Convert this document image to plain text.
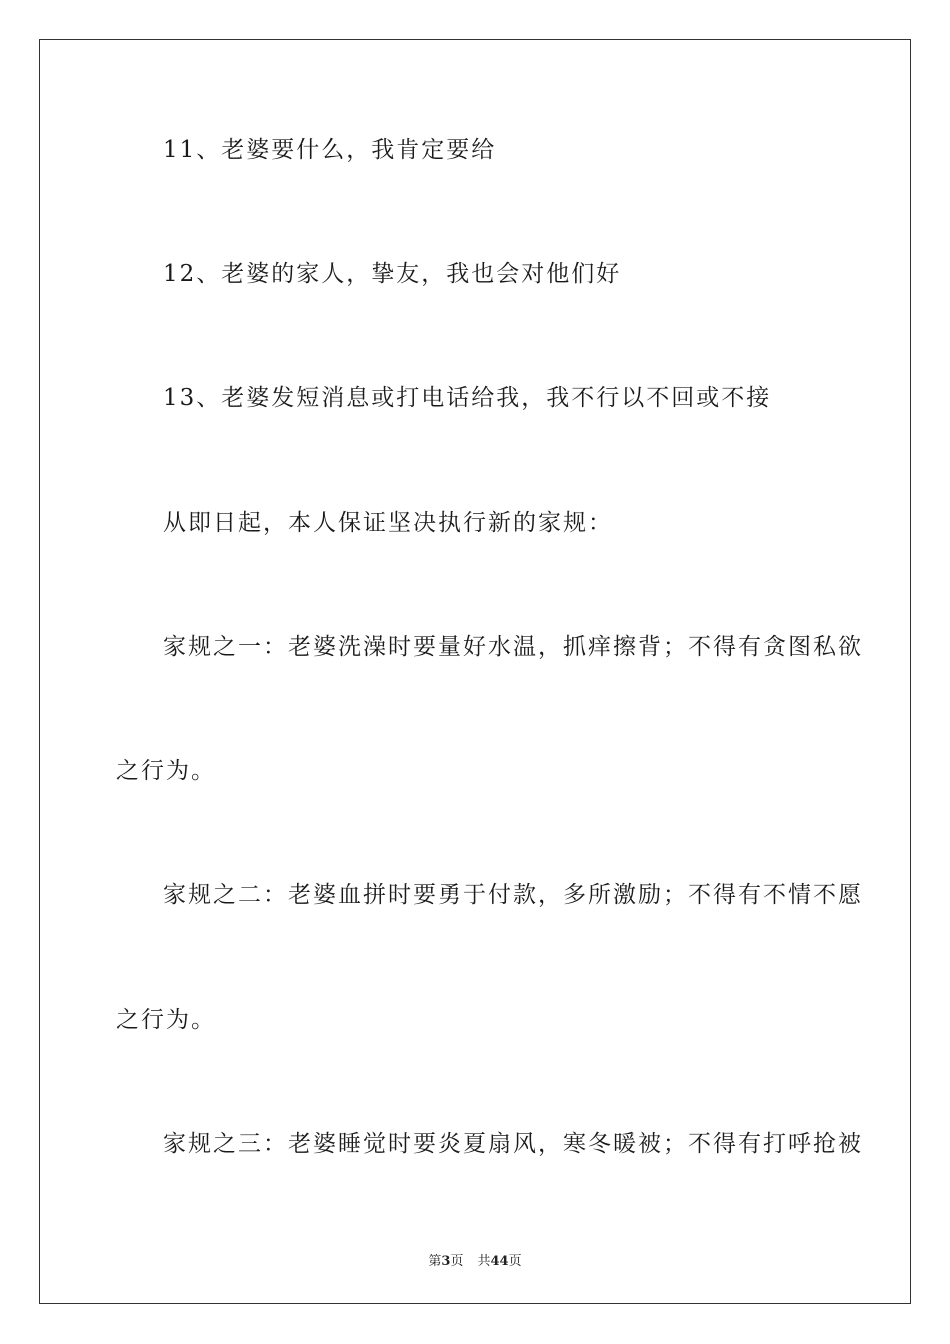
11、老婆要什么，我肯定要给
12、老婆的家人，挚友，我也会对他们好
13、老婆发短消息或打电话给我，我不行以不回或不接
从即日起，本人保证坚决执行新的家规：
家规之一：老婆洗澡时要量好水温，抓痒擦背；不得有贪图私欲
之行为。
家规之二：老婆血拼时要勇于付款，多所激励；不得有不情不愿
之行为。
家规之三：老婆睡觉时要炎夏扇风，寒冬暖被；不得有打呼抢被
第3页 共44页
